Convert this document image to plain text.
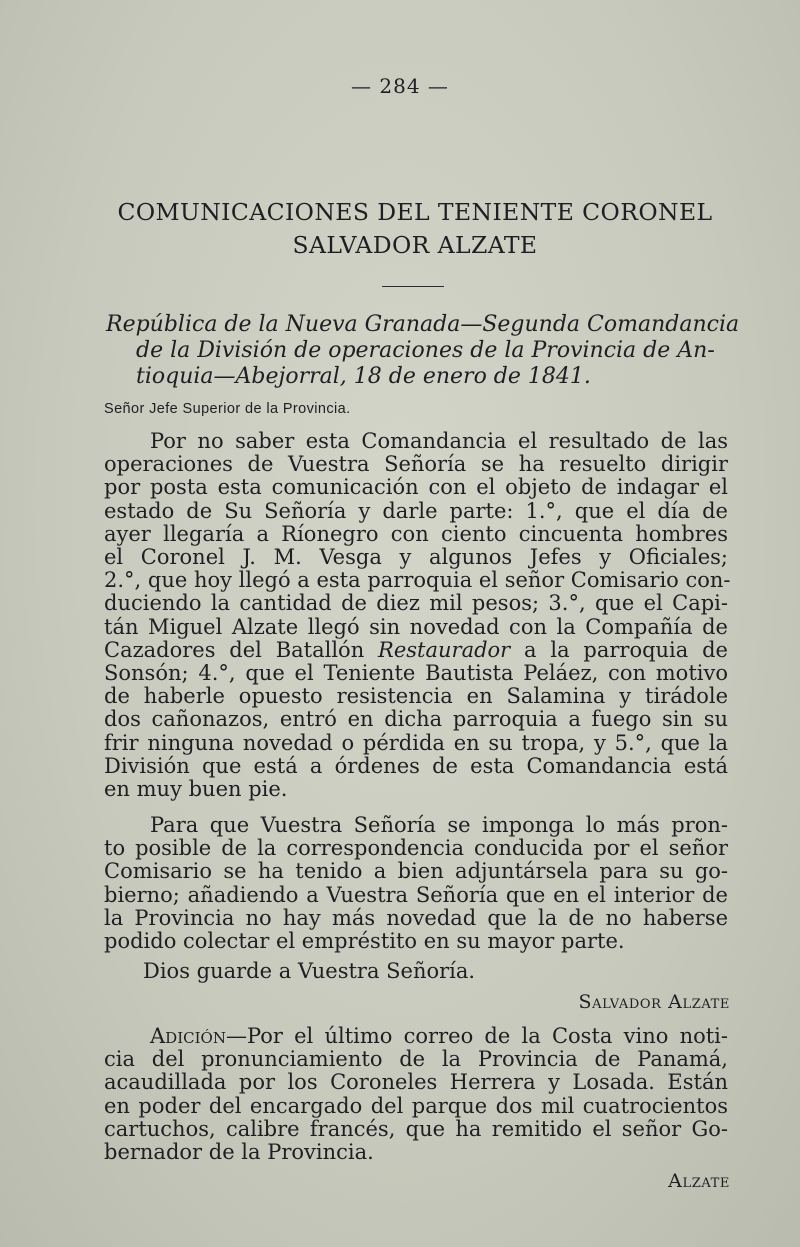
— 284 —
COMUNICACIONES DEL TENIENTE CORONEL
SALVADOR ALZATE
República de la Nueva Granada—Segunda Comandancia
de la División de operaciones de la Provincia de An-
tioquia—Abejorral, 18 de enero de 1841.
Señor Jefe Superior de la Provincia.
Por no saber esta Comandancia el resultado de las
operaciones de Vuestra Señoría se ha resuelto dirigir
por posta esta comunicación con el objeto de indagar el
estado de Su Señoría y darle parte: 1.°, que el día de
ayer llegaría a Ríonegro con ciento cincuenta hombres
el Coronel J. M. Vesga y algunos Jefes y Oficiales;
2.°, que hoy llegó a esta parroquia el señor Comisario con-
duciendo la cantidad de diez mil pesos; 3.°, que el Capi-
tán Miguel Alzate llegó sin novedad con la Compañía de
Cazadores del Batallón Restaurador a la parroquia de
Sonsón; 4.°, que el Teniente Bautista Peláez, con motivo
de haberle opuesto resistencia en Salamina y tirádole
dos cañonazos, entró en dicha parroquia a fuego sin su
frir ninguna novedad o pérdida en su tropa, y 5.°, que la
División que está a órdenes de esta Comandancia está
en muy buen pie.
Para que Vuestra Señoría se imponga lo más pron-
to posible de la correspondencia conducida por el señor
Comisario se ha tenido a bien adjuntársela para su go-
bierno; añadiendo a Vuestra Señoría que en el interior de
la Provincia no hay más novedad que la de no haberse
podido colectar el empréstito en su mayor parte.
Dios guarde a Vuestra Señoría.
Salvador Alzate
Adición—Por el último correo de la Costa vino noti-
cia del pronunciamiento de la Provincia de Panamá,
acaudillada por los Coroneles Herrera y Losada. Están
en poder del encargado del parque dos mil cuatrocientos
cartuchos, calibre francés, que ha remitido el señor Go-
bernador de la Provincia.
Alzate
